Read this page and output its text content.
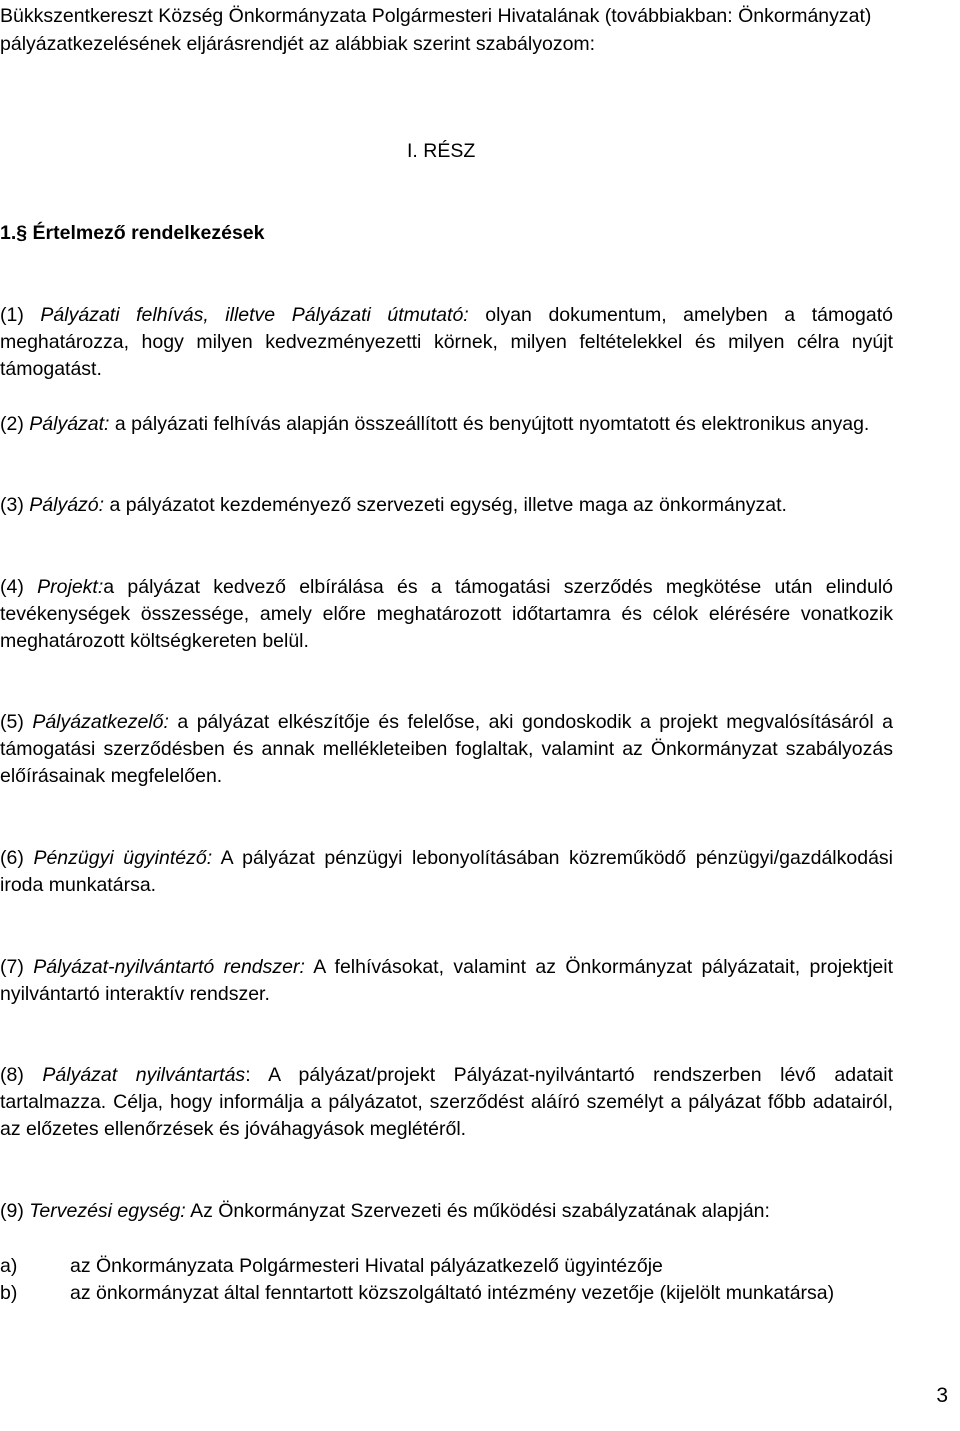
Bükkszentkereszt Község Önkormányzata Polgármesteri Hivatalának (továbbiakban: Önkormányzat) pályázatkezelésének eljárásrendjét az alábbiak szerint szabályozom:

I. RÉSZ

1.§ Értelmező rendelkezések

(1) Pályázati felhívás, illetve Pályázati útmutató: olyan dokumentum, amelyben a támogató meghatározza, hogy milyen kedvezményezetti körnek, milyen feltételekkel és milyen célra nyújt támogatást.

(2) Pályázat: a pályázati felhívás alapján összeállított és benyújtott nyomtatott és elektronikus anyag.

(3) Pályázó: a pályázatot kezdeményező szervezeti egység, illetve maga az önkormányzat.

(4) Projekt:a pályázat kedvező elbírálása és a támogatási szerződés megkötése után elinduló tevékenységek összessége, amely előre meghatározott időtartamra és célok elérésére vonatkozik meghatározott költségkereten belül.

(5) Pályázatkezelő: a pályázat elkészítője és felelőse, aki gondoskodik a projekt megvalósításáról a támogatási szerződésben és annak mellékleteiben foglaltak, valamint az Önkormányzat szabályozás előírásainak megfelelően.

(6) Pénzügyi ügyintéző: A pályázat pénzügyi lebonyolításában közreműködő pénzügyi/gazdálkodási iroda munkatársa.

(7) Pályázat-nyilvántartó rendszer: A felhívásokat, valamint az Önkormányzat pályázatait, projektjeit nyilvántartó interaktív rendszer.

(8) Pályázat nyilvántartás: A pályázat/projekt Pályázat-nyilvántartó rendszerben lévő adatait tartalmazza. Célja, hogy informálja a pályázatot, szerződést aláíró személyt a pályázat főbb adatairól, az előzetes ellenőrzések és jóváhagyások meglétéről.

(9) Tervezési egység: Az Önkormányzat Szervezeti és működési szabályzatának alapján:

a)	az Önkormányzata Polgármesteri Hivatal pályázatkezelő ügyintézője
b)	az önkormányzat által fenntartott közszolgáltató intézmény vezetője (kijelölt munkatársa)
3
